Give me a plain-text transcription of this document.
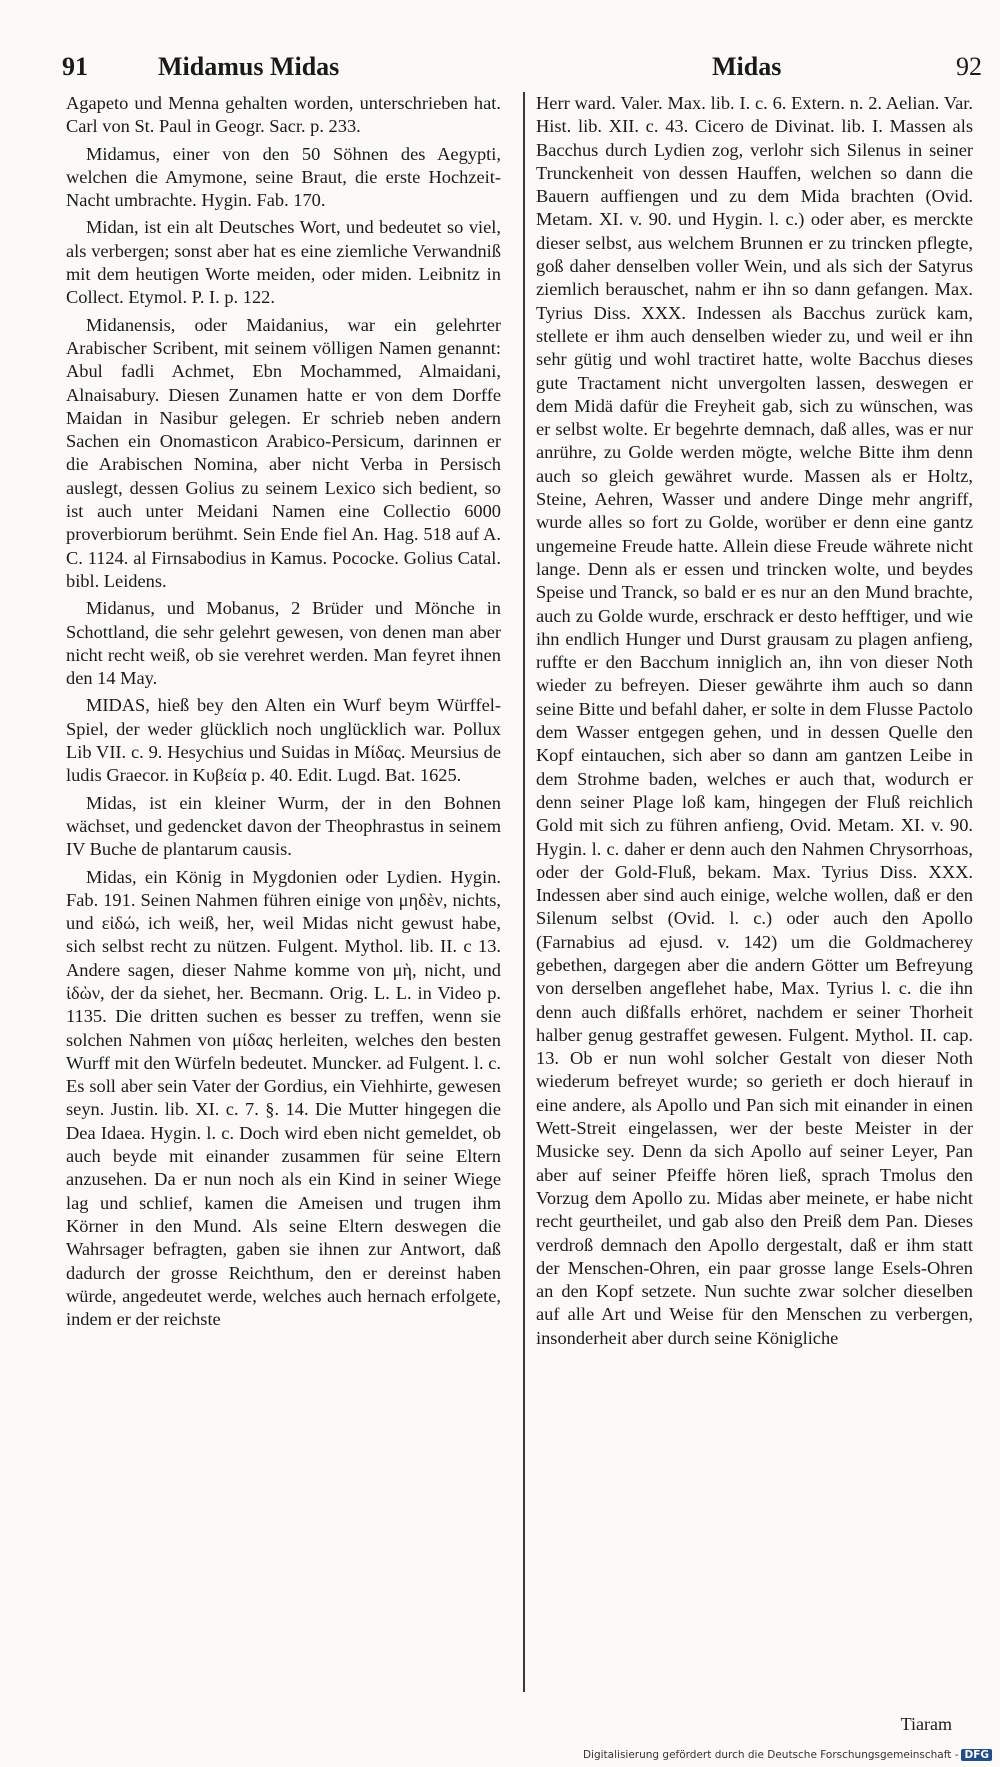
91	Midamus Midas	Midas	92

Agapeto und Menna gehalten worden, unterschrieben hat. Carl von St. Paul in Geogr. Sacr. p. 233.

Midamus, einer von den 50 Söhnen des Aegypti, welchen die Amymone, seine Braut, die erste Hochzeit-Nacht umbrachte. Hygin. Fab. 170.

Midan, ist ein alt Deutsches Wort, und bedeutet so viel, als verbergen; sonst aber hat es eine ziemliche Verwandniß mit dem heutigen Worte meiden, oder miden. Leibnitz in Collect. Etymol. P. I. p. 122.

Midanensis, oder Maidanius, war ein gelehrter Arabischer Scribent, mit seinem völligen Namen genannt: Abul fadli Achmet, Ebn Mochammed, Almaidani, Alnaisabury. Diesen Zunamen hatte er von dem Dorffe Maidan in Nasibur gelegen. Er schrieb neben andern Sachen ein Onomasticon Arabico-Persicum, darinnen er die Arabischen Nomina, aber nicht Verba in Persisch auslegt, dessen Golius zu seinem Lexico sich bedient, so ist auch unter Meidani Namen eine Collectio 6000 proverbiorum berühmt. Sein Ende fiel An. Hag. 518 auf A. C. 1124. al Firnsabodius in Kamus. Pococke. Golius Catal. bibl. Leidens.

Midanus, und Mobanus, 2 Brüder und Mönche in Schottland, die sehr gelehrt gewesen, von denen man aber nicht recht weiß, ob sie verehret werden. Man feyret ihnen den 14 May.

MIDAS, hieß bey den Alten ein Wurf beym Würffel-Spiel, der weder glücklich noch unglücklich war. Pollux Lib VII. c. 9. Hesychius und Suidas in Μίδας. Meursius de ludis Graecor. in Κυβεία p. 40. Edit. Lugd. Bat. 1625.

Midas, ist ein kleiner Wurm, der in den Bohnen wächset, und gedencket davon der Theophrastus in seinem IV Buche de plantarum causis.

Midas, ein König in Mygdonien oder Lydien. Hygin. Fab. 191. Seinen Nahmen führen einige von μηδὲν, nichts, und εἰδώ, ich weiß, her, weil Midas nicht gewust habe, sich selbst recht zu nützen. Fulgent. Mythol. lib. II. c 13. Andere sagen, dieser Nahme komme von μὴ, nicht, und ἰδὼν, der da siehet, her. Becmann. Orig. L. L. in Video p. 1135. Die dritten suchen es besser zu treffen, wenn sie solchen Nahmen von μίδας herleiten, welches den besten Wurff mit den Würfeln bedeutet. Muncker. ad Fulgent. l. c. Es soll aber sein Vater der Gordius, ein Viehhirte, gewesen seyn. Justin. lib. XI. c. 7. §. 14. Die Mutter hingegen die Dea Idaea. Hygin. l. c. Doch wird eben nicht gemeldet, ob auch beyde mit einander zusammen für seine Eltern anzusehen. Da er nun noch als ein Kind in seiner Wiege lag und schlief, kamen die Ameisen und trugen ihm Körner in den Mund. Als seine Eltern deswegen die Wahrsager befragten, gaben sie ihnen zur Antwort, daß dadurch der grosse Reichthum, den er dereinst haben würde, angedeutet werde, welches auch hernach erfolgete, indem er der reichste

Herr ward. Valer. Max. lib. I. c. 6. Extern. n. 2. Aelian. Var. Hist. lib. XII. c. 43. Cicero de Divinat. lib. I. Massen als Bacchus durch Lydien zog, verlohr sich Silenus in seiner Trunckenheit von dessen Hauffen, welchen so dann die Bauern auffiengen und zu dem Mida brachten (Ovid. Metam. XI. v. 90. und Hygin. l. c.) oder aber, es merckte dieser selbst, aus welchem Brunnen er zu trincken pflegte, goß daher denselben voller Wein, und als sich der Satyrus ziemlich berauschet, nahm er ihn so dann gefangen. Max. Tyrius Diss. XXX. Indessen als Bacchus zurück kam, stellete er ihm auch denselben wieder zu, und weil er ihn sehr gütig und wohl tractiret hatte, wolte Bacchus dieses gute Tractament nicht unvergolten lassen, deswegen er dem Midä dafür die Freyheit gab, sich zu wünschen, was er selbst wolte. Er begehrte demnach, daß alles, was er nur anrühre, zu Golde werden mögte, welche Bitte ihm denn auch so gleich gewähret wurde. Massen als er Holtz, Steine, Aehren, Wasser und andere Dinge mehr angriff, wurde alles so fort zu Golde, worüber er denn eine gantz ungemeine Freude hatte. Allein diese Freude währete nicht lange. Denn als er essen und trincken wolte, und beydes Speise und Tranck, so bald er es nur an den Mund brachte, auch zu Golde wurde, erschrack er desto hefftiger, und wie ihn endlich Hunger und Durst grausam zu plagen anfieng, ruffte er den Bacchum inniglich an, ihn von dieser Noth wieder zu befreyen. Dieser gewährte ihm auch so dann seine Bitte und befahl daher, er solte in dem Flusse Pactolo dem Wasser entgegen gehen, und in dessen Quelle den Kopf eintauchen, sich aber so dann am gantzen Leibe in dem Strohme baden, welches er auch that, wodurch er denn seiner Plage loß kam, hingegen der Fluß reichlich Gold mit sich zu führen anfieng, Ovid. Metam. XI. v. 90. Hygin. l. c. daher er denn auch den Nahmen Chrysorrhoas, oder der Gold-Fluß, bekam. Max. Tyrius Diss. XXX. Indessen aber sind auch einige, welche wollen, daß er den Silenum selbst (Ovid. l. c.) oder auch den Apollo (Farnabius ad ejusd. v. 142) um die Goldmacherey gebethen, dargegen aber die andern Götter um Befreyung von derselben angeflehet habe, Max. Tyrius l. c. die ihn denn auch dißfalls erhöret, nachdem er seiner Thorheit halber genug gestraffet gewesen. Fulgent. Mythol. II. cap. 13. Ob er nun wohl solcher Gestalt von dieser Noth wiederum befreyet wurde; so gerieth er doch hierauf in eine andere, als Apollo und Pan sich mit einander in einen Wett-Streit eingelassen, wer der beste Meister in der Musicke sey. Denn da sich Apollo auf seiner Leyer, Pan aber auf seiner Pfeiffe hören ließ, sprach Tmolus den Vorzug dem Apollo zu. Midas aber meinete, er habe nicht recht geurtheilet, und gab also den Preiß dem Pan. Dieses verdroß demnach den Apollo dergestalt, daß er ihm statt der Menschen-Ohren, ein paar grosse lange Esels-Ohren an den Kopf setzete. Nun suchte zwar solcher dieselben auf alle Art und Weise für den Menschen zu verbergen, insonderheit aber durch seine Königliche

Tiaram
Digitalisierung gefördert durch die Deutsche Forschungsgemeinschaft - DFG
